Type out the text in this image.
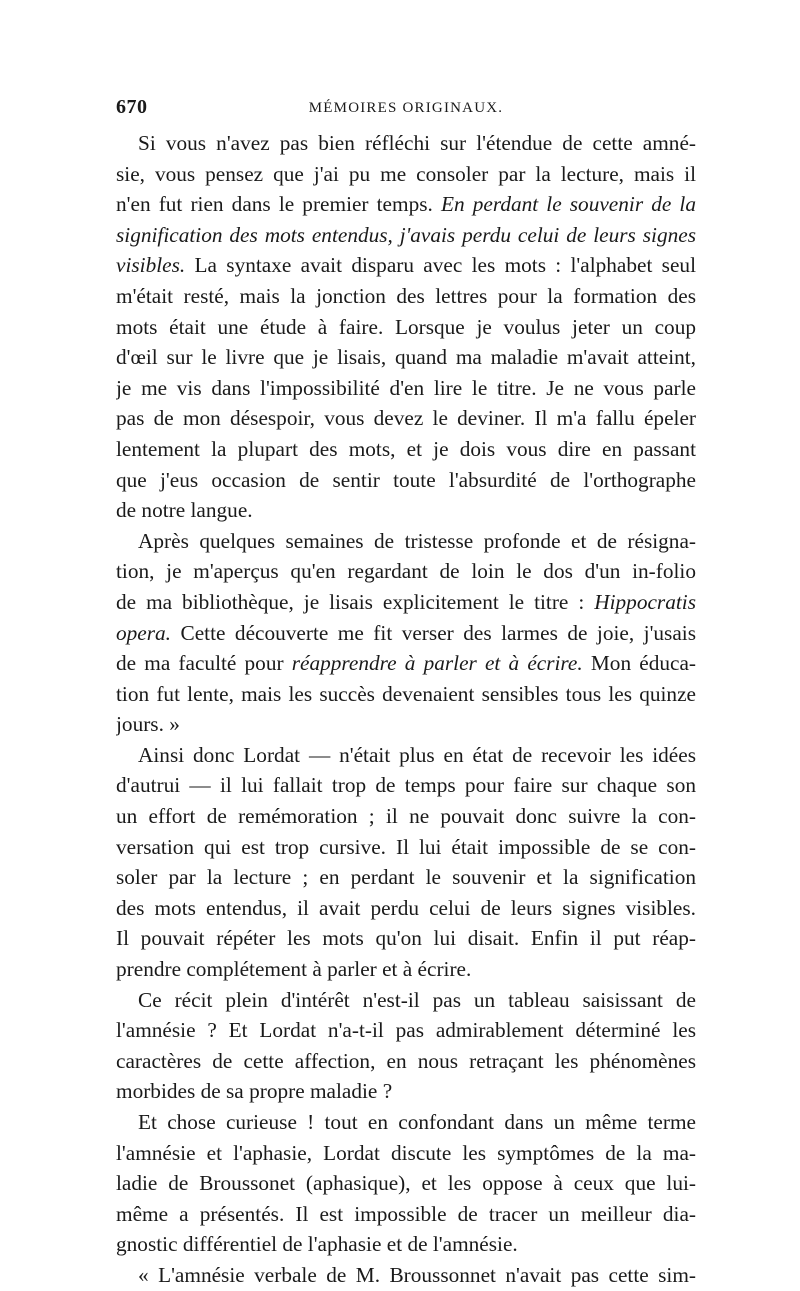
670	MÉMOIRES ORIGINAUX.
Si vous n'avez pas bien réfléchi sur l'étendue de cette amné-
sie, vous pensez que j'ai pu me consoler par la lecture, mais il
n'en fut rien dans le premier temps. En perdant le souvenir de la
signification des mots entendus, j'avais perdu celui de leurs signes
visibles. La syntaxe avait disparu avec les mots : l'alphabet seul
m'était resté, mais la jonction des lettres pour la formation des
mots était une étude à faire. Lorsque je voulus jeter un coup
d'œil sur le livre que je lisais, quand ma maladie m'avait atteint,
je me vis dans l'impossibilité d'en lire le titre. Je ne vous parle
pas de mon désespoir, vous devez le deviner. Il m'a fallu épeler
lentement la plupart des mots, et je dois vous dire en passant
que j'eus occasion de sentir toute l'absurdité de l'orthographe
de notre langue.
Après quelques semaines de tristesse profonde et de résigna-
tion, je m'aperçus qu'en regardant de loin le dos d'un in-folio
de ma bibliothèque, je lisais explicitement le titre : Hippocratis
opera. Cette découverte me fit verser des larmes de joie, j'usais
de ma faculté pour réapprendre à parler et à écrire. Mon éduca-
tion fut lente, mais les succès devenaient sensibles tous les quinze
jours. »
Ainsi donc Lordat — n'était plus en état de recevoir les idées
d'autrui — il lui fallait trop de temps pour faire sur chaque son
un effort de remémoration ; il ne pouvait donc suivre la con-
versation qui est trop cursive. Il lui était impossible de se con-
soler par la lecture ; en perdant le souvenir et la signification
des mots entendus, il avait perdu celui de leurs signes visibles.
Il pouvait répéter les mots qu'on lui disait. Enfin il put réap-
prendre complétement à parler et à écrire.
Ce récit plein d'intérêt n'est-il pas un tableau saisissant de
l'amnésie ? Et Lordat n'a-t-il pas admirablement déterminé les
caractères de cette affection, en nous retraçant les phénomènes
morbides de sa propre maladie ?
Et chose curieuse ! tout en confondant dans un même terme
l'amnésie et l'aphasie, Lordat discute les symptômes de la ma-
ladie de Broussonet (aphasique), et les oppose à ceux que lui-
même a présentés. Il est impossible de tracer un meilleur dia-
gnostic différentiel de l'aphasie et de l'amnésie.
« L'amnésie verbale de M. Broussonnet n'avait pas cette sim-
